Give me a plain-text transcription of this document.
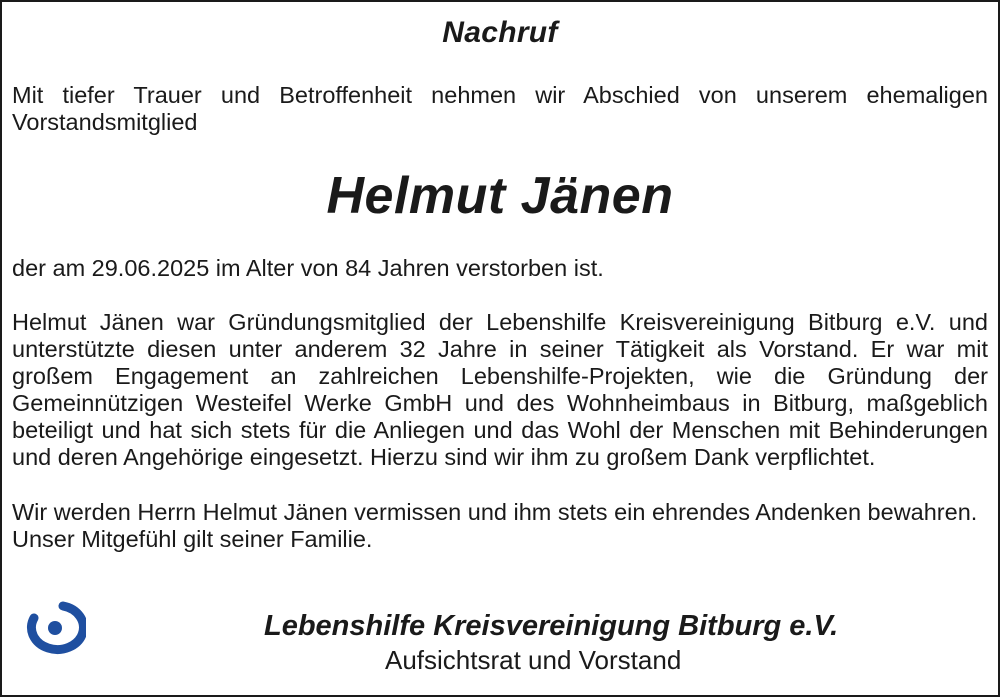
Nachruf

Mit tiefer Trauer und Betroffenheit nehmen wir Abschied von unserem ehemaligen
Vorstandsmitglied

Helmut Jänen

der am 29.06.2025 im Alter von 84 Jahren verstorben ist.

Helmut Jänen war Gründungsmitglied der Lebenshilfe Kreisvereinigung Bitburg e.V. und unterstützte diesen unter anderem 32 Jahre in seiner Tätigkeit als Vorstand. Er war mit großem Engagement an zahlreichen Lebenshilfe-Projekten, wie die Gründung der Gemeinnützigen Westeifel Werke GmbH und des Wohnheimbaus in Bitburg, maßgeblich beteiligt und hat sich stets für die Anliegen und das Wohl der Menschen mit Behinderungen und deren Angehörige eingesetzt. Hierzu sind wir ihm zu großem Dank verpflichtet.

Wir werden Herrn Helmut Jänen vermissen und ihm stets ein ehrendes Andenken bewahren.
Unser Mitgefühl gilt seiner Familie.

Lebenshilfe Kreisvereinigung Bitburg e.V.
Aufsichtsrat und Vorstand
